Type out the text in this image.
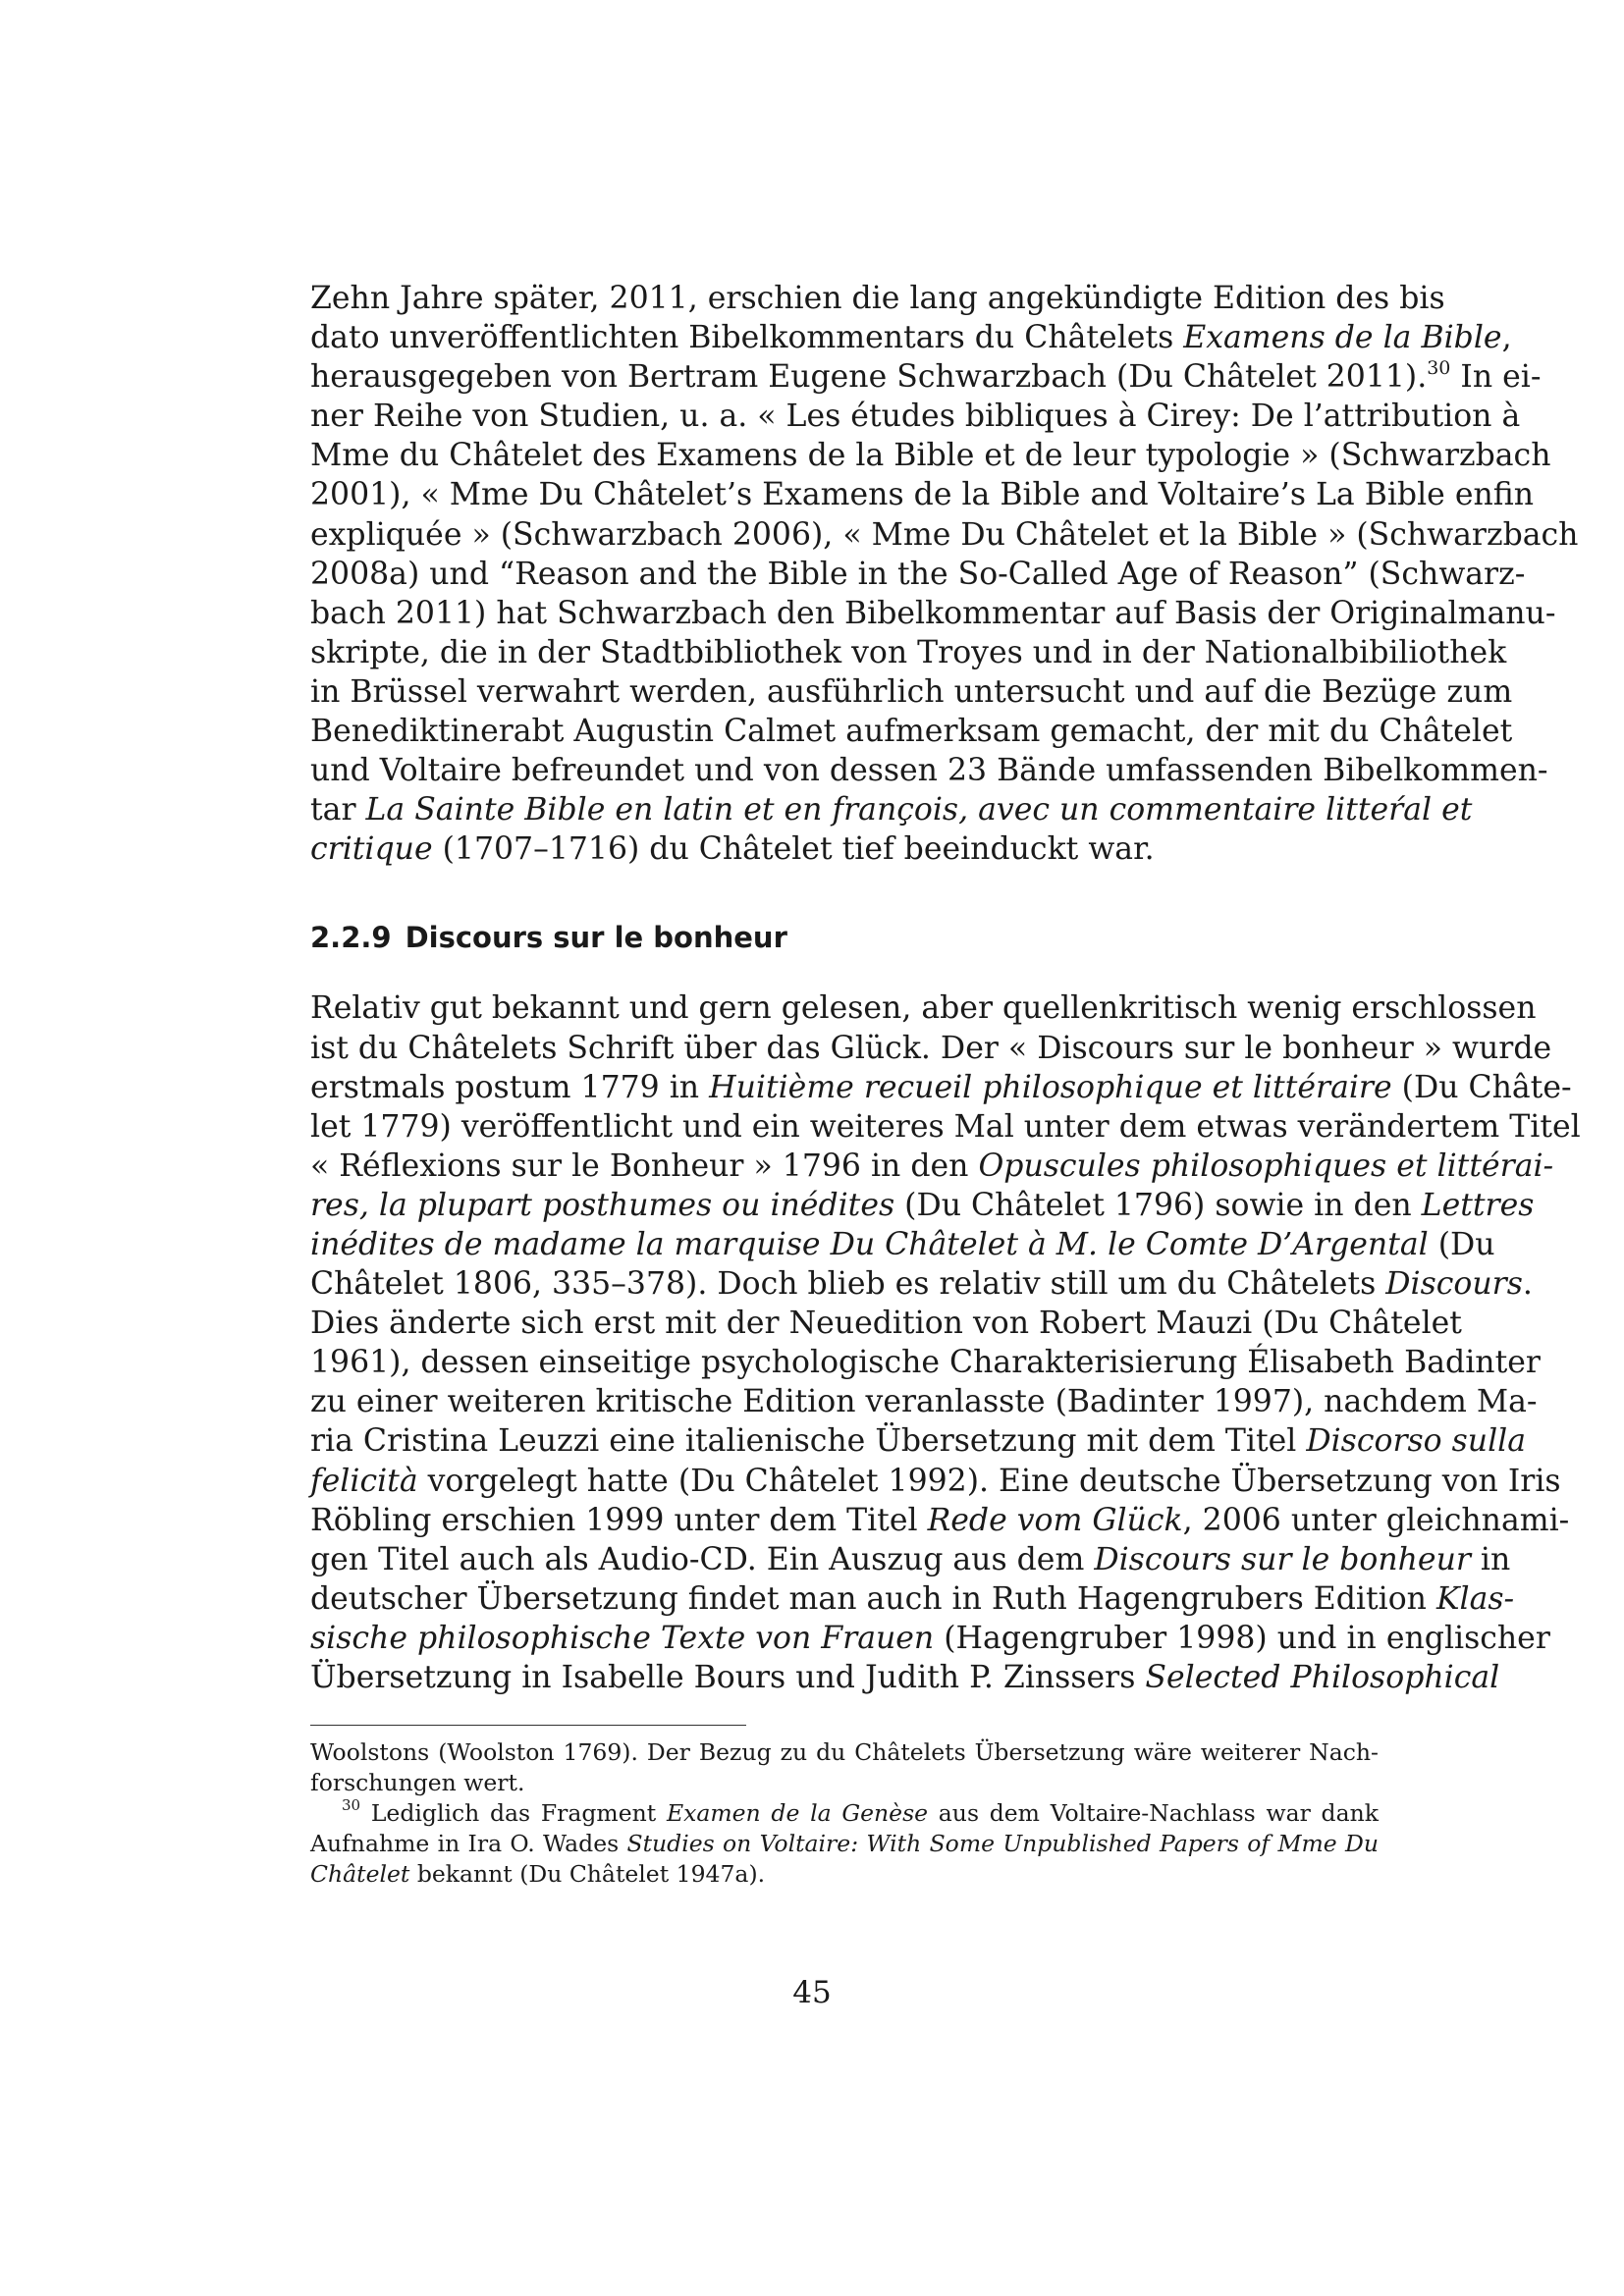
Zehn Jahre später, 2011, erschien die lang angekündigte Edition des bis
dato unveröffentlichten Bibelkommentars du Châtelets Examens de la Bible,
herausgegeben von Bertram Eugene Schwarzbach (Du Châtelet 2011).$^{30}$ In ei-
ner Reihe von Studien, u. a. « Les études bibliques à Cirey: De l’attribution à
Mme du Châtelet des Examens de la Bible et de leur typologie » (Schwarzbach
2001), « Mme Du Châtelet’s Examens de la Bible and Voltaire’s La Bible enfin
expliquée » (Schwarzbach 2006), « Mme Du Châtelet et la Bible » (Schwarzbach
2008a) und “Reason and the Bible in the So-Called Age of Reason” (Schwarz-
bach 2011) hat Schwarzbach den Bibelkommentar auf Basis der Originalmanu-
skripte, die in der Stadtbibliothek von Troyes und in der Nationalbibiliothek
in Brüssel verwahrt werden, ausführlich untersucht und auf die Bezüge zum
Benediktinerabt Augustin Calmet aufmerksam gemacht, der mit du Châtelet
und Voltaire befreundet und von dessen 23 Bände umfassenden Bibelkommen-
tar La Sainte Bible en latin et en françois, avec un commentaire litteŕal et
critique (1707–1716) du Châtelet tief beeinduckt war.

2.2.9 Discours sur le bonheur

Relativ gut bekannt und gern gelesen, aber quellenkritisch wenig erschlossen
ist du Châtelets Schrift über das Glück. Der « Discours sur le bonheur » wurde
erstmals postum 1779 in Huitième recueil philosophique et littéraire (Du Châte-
let 1779) veröffentlicht und ein weiteres Mal unter dem etwas verändertem Titel
« Réflexions sur le Bonheur » 1796 in den Opuscules philosophiques et littérai-
res, la plupart posthumes ou inédites (Du Châtelet 1796) sowie in den Lettres
inédites de madame la marquise Du Châtelet à M. le Comte D’Argental (Du
Châtelet 1806, 335–378). Doch blieb es relativ still um du Châtelets Discours.
Dies änderte sich erst mit der Neuedition von Robert Mauzi (Du Châtelet
1961), dessen einseitige psychologische Charakterisierung Élisabeth Badinter
zu einer weiteren kritische Edition veranlasste (Badinter 1997), nachdem Ma-
ria Cristina Leuzzi eine italienische Übersetzung mit dem Titel Discorso sulla
felicità vorgelegt hatte (Du Châtelet 1992). Eine deutsche Übersetzung von Iris
Röbling erschien 1999 unter dem Titel Rede vom Glück, 2006 unter gleichnami-
gen Titel auch als Audio-CD. Ein Auszug aus dem Discours sur le bonheur in
deutscher Übersetzung findet man auch in Ruth Hagengrubers Edition Klas-
sische philosophische Texte von Frauen (Hagengruber 1998) und in englischer
Übersetzung in Isabelle Bours und Judith P. Zinssers Selected Philosophical

Woolstons (Woolston 1769). Der Bezug zu du Châtelets Übersetzung wäre weiterer Nach-
forschungen wert.

$^{30}$ Lediglich das Fragment Examen de la Genèse aus dem Voltaire-Nachlass war dank
Aufnahme in Ira O. Wades Studies on Voltaire: With Some Unpublished Papers of Mme Du
Châtelet bekannt (Du Châtelet 1947a).

45
